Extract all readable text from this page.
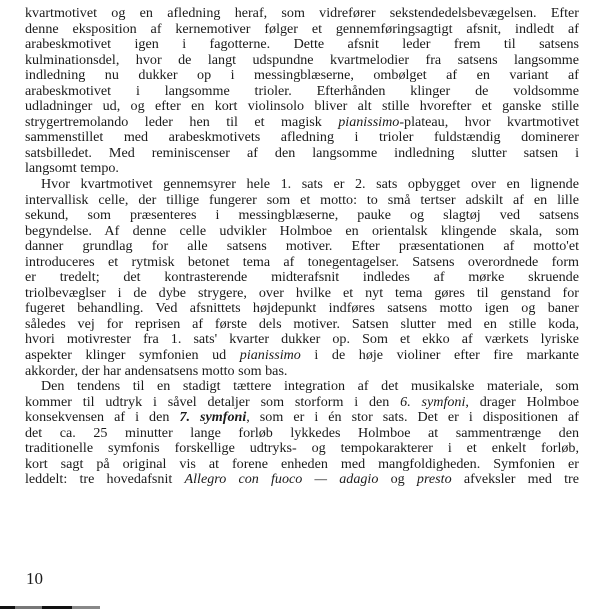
kvartmotivet og en afledning heraf, som vidrefører sekstendedelsbevægelsen. Efter
denne eksposition af kernemotiver følger et gennemføringsagtigt afsnit, indledt af
arabeskmotivet igen i fagotterne. Dette afsnit leder frem til satsens
kulminationsdel, hvor de langt udspundne kvartmelodier fra satsens langsomme
indledning nu dukker op i messingblæserne, ombølget af en variant af
arabeskmotivet i langsomme trioler. Efterhånden klinger de voldsomme
udladninger ud, og efter en kort violinsolo bliver alt stille hvorefter et ganske stille
strygertremolando leder hen til et magisk pianissimo-plateau, hvor kvartmotivet
sammenstillet med arabeskmotivets afledning i trioler fuldstændig dominerer
satsbilledet. Med reminiscenser af den langsomme indledning slutter satsen i
langsomt tempo.
Hvor kvartmotivet gennemsyrer hele 1. sats er 2. sats opbygget over en lignende
intervallisk celle, der tillige fungerer som et motto: to små tertser adskilt af en lille
sekund, som præsenteres i messingblæserne, pauke og slagtøj ved satsens
begyndelse. Af denne celle udvikler Holmboe en orientalsk klingende skala, som
danner grundlag for alle satsens motiver. Efter præsentationen af motto'et
introduceres et rytmisk betonet tema af tonegentagelser. Satsens overordnede form
er tredelt; det kontrasterende midterafsnit indledes af mørke skruende
triolbevæglser i de dybe strygere, over hvilke et nyt tema gøres til genstand for
fugeret behandling. Ved afsnittets højdepunkt indføres satsens motto igen og baner
således vej for reprisen af første dels motiver. Satsen slutter med en stille koda,
hvori motivrester fra 1. sats' kvarter dukker op. Som et ekko af værkets lyriske
aspekter klinger symfonien ud pianissimo i de høje violiner efter fire markante
akkorder, der har andensatsens motto som bas.
Den tendens til en stadigt tættere integration af det musikalske materiale, som
kommer til udtryk i såvel detaljer som storform i den 6. symfoni, drager Holmboe
konsekvensen af i den 7. symfoni, som er i én stor sats. Det er i dispositionen af
det ca. 25 minutter lange forløb lykkedes Holmboe at sammentrænge den
traditionelle symfonis forskellige udtryks- og tempokarakterer i et enkelt forløb,
kort sagt på original vis at forene enheden med mangfoldigheden. Symfonien er
leddelt: tre hovedafsnit Allegro con fuoco — adagio og presto afveksler med tre
10
